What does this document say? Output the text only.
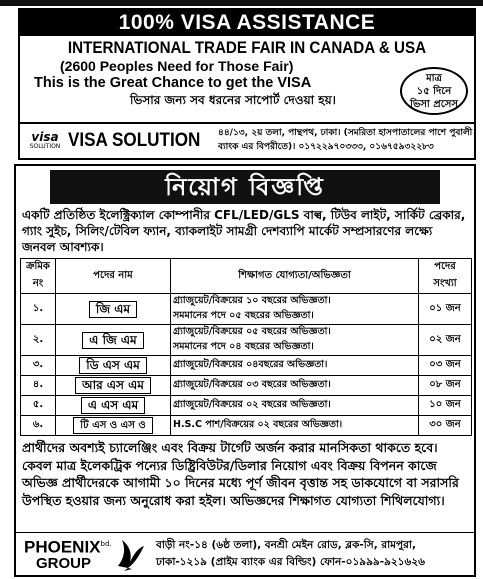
100% VISA ASSISTANCE
INTERNATIONAL TRADE FAIR IN CANADA & USA
(2600 Peoples Need for Those Fair)
This is the Great Chance to get the VISA
ভিসার জন্য সব ধরনের সাপোর্ট দেওয়া হয়।
মাত্র
১৫ দিনে
ভিসা প্রসেস
visa
SOLUTION VISA SOLUTION ৪৪/১৩, ২য় তলা, পান্থপথ, ঢাকা। (সমরিতা হাসপাতালের পাশে পুবালী
ব্যাংক এর বিপরীতে)। ০১৭২২৯৭০৩৩৩, ০১৬৭৫৯৩২২৮৩
নিয়োগ বিজ্ঞপ্তি
একটি প্রতিষ্ঠিত ইলেক্ট্রিক্যাল কোম্পানীর CFL/LED/GLS বাল্ব, টিউব লাইট, সার্কিট ব্রেকার, গ্যাং সুইচ, সিলিং/টেবিল ফ্যান, ব্যাকলাইট সামগ্রী দেশব্যাপি মার্কেট সম্প্রসারণের লক্ষ্যে জনবল আবশ্যক।
ক্রমিক নং	পদের নাম	শিক্ষাগত যোগ্যতা/অভিজ্ঞতা	পদের সংখ্যা
১.	জি এম	গ্র্যাজুয়েট/বিক্রয়ের ১০ বছরের অভিজ্ঞতা।
সমমানের পদে ০৫ বছরের অভিজ্ঞতা।	০১ জন
২.	এ জি এম	গ্র্যাজুয়েট/বিক্রয়ের ০৫ বছরের অভিজ্ঞতা।
সমমানের পদে ০৪ বছরের অভিজ্ঞতা।	০২ জন
৩.	ডি এস এম	গ্র্যাজুয়েট/বিক্রয়ের ০৪বছরের অভিজ্ঞতা।	০৩ জন
৪.	আর এস এম	গ্র্যাজুয়েট/বিক্রয়ের ০৩ বছরের অভিজ্ঞতা।	০৮ জন
৫.	এ এস এম	গ্র্যাজুয়েট/বিক্রয়ের ০২ বছরের অভিজ্ঞতা।	১০ জন
৬.	টি এস ও এস ও	H.S.C পাশ/বিক্রয়ের ০২ বছরের অভিজ্ঞতা।	৩০ জন
প্রার্থীদের অবশ্যই চ্যালেঞ্জিং এবং বিক্রয় টার্গেট অর্জন করার মানসিকতা থাকতে হবে। কেবল মাত্র ইলেকট্রিক পন্যের ডিষ্ট্রিবিউটর/ডিলার নিয়োগ এবং বিক্রয় বিপনন কাজে অভিজ্ঞ প্রার্থীদেরকে আগামী ১০ দিনের মধ্যে পূর্ণ জীবন বৃত্তান্ত সহ ডাকযোগে বা সরাসরি উপস্থিত হওয়ার জন্য অনুরোধ করা হইল। অভিজ্ঞদের শিক্ষাগত যোগ্যতা শিথিলযোগ্য।
$PHOENIX^{bd.}$
GROUP
বাড়ী নং-১৪ (৬ষ্ঠ তলা), বনশ্রী মেইন রোড, ব্লক-সি, রামপুরা,
ঢাকা-১২১৯ (প্রাইম ব্যাংক এর বিল্ডিং) ফোন-০১৯৯৯-৯২১৬২৬
